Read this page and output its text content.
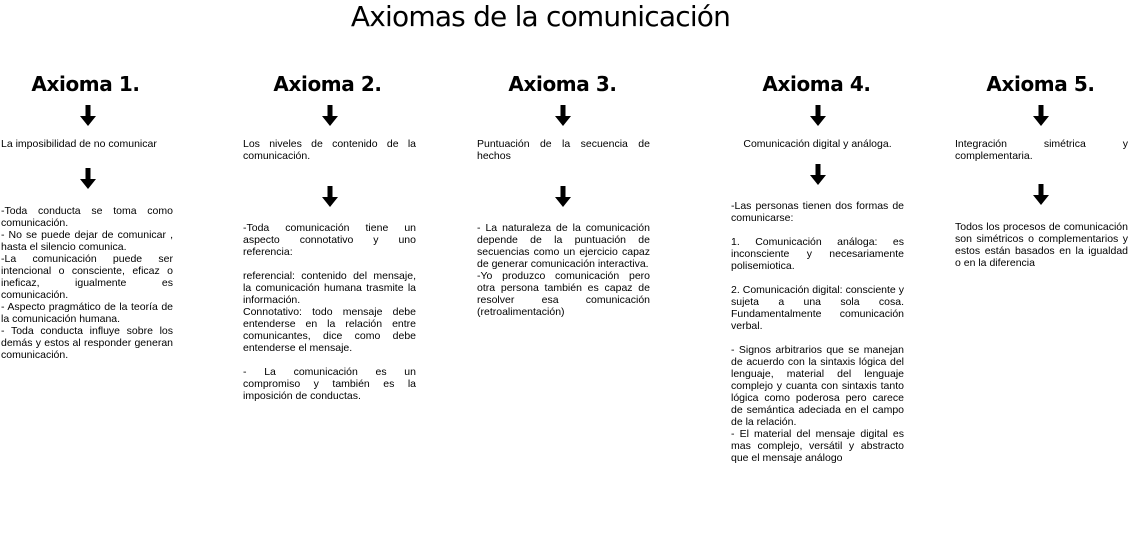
Axiomas de la comunicación
Axioma 1.

La imposibilidad de no comunicar

-Toda conducta se toma como comunicación.
- No se puede dejar de comunicar , hasta el silencio comunica.
-La comunicación puede ser intencional o consciente, eficaz o ineficaz, igualmente es comunicación.
- Aspecto pragmático de la teoría de la comunicación humana.
- Toda conducta influye sobre los demás y estos al responder generan comunicación.
Axioma 2.

Los niveles de contenido de la comunicación.

-Toda comunicación tiene un aspecto connotativo y uno referencia:
referencial: contenido del mensaje, la comunicación humana trasmite la información.
Connotativo: todo mensaje debe entenderse en la relación entre comunicantes, dice como debe entenderse el mensaje.
- La comunicación es un compromiso y también es la imposición de conductas.
Axioma 3.

Puntuación de la secuencia de hechos

- La naturaleza de la comunicación depende de la puntuación de secuencias como un ejercicio capaz de generar comunicación interactiva.
-Yo produzco comunicación pero otra persona también es capaz de resolver esa comunicación (retroalimentación)
Axioma 4.

Comunicación digital y análoga.

-Las personas tienen dos formas de comunicarse:
1. Comunicación análoga: es inconsciente y necesariamente polisemiotica.
2. Comunicación digital: consciente y sujeta a una sola cosa. Fundamentalmente comunicación verbal.
- Signos arbitrarios que se manejan de acuerdo con la sintaxis lógica del lenguaje, material del lenguaje complejo y cuanta con sintaxis tanto lógica como poderosa pero carece de semántica adeciada en el campo de la relación.
- El material del mensaje digital es mas complejo, versátil y abstracto que el mensaje análogo
Axioma 5.

Integración simétrica y complementaria.

Todos los procesos de comunicación son simétricos o complementarios y estos están basados en la igualdad o en la diferencia
